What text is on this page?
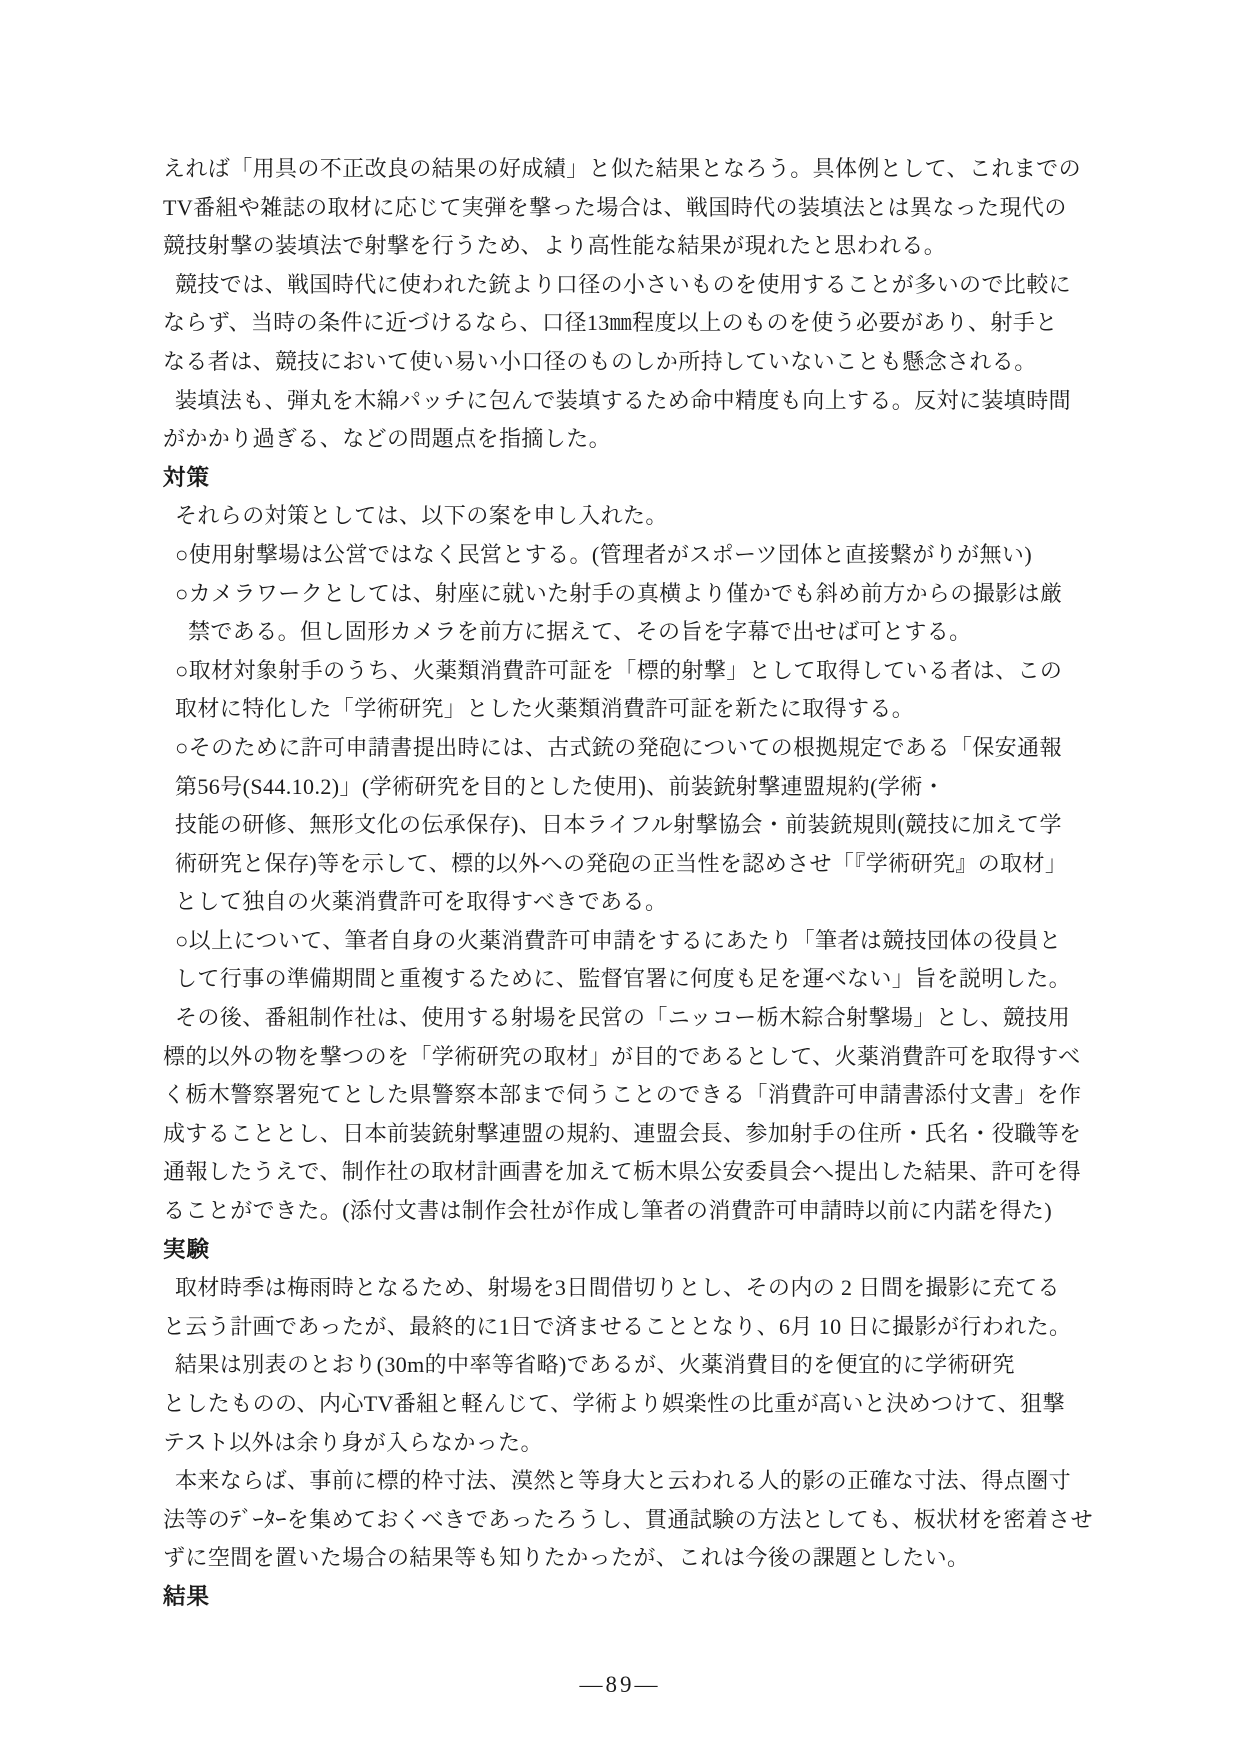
えれば「用具の不正改良の結果の好成績」と似た結果となろう。具体例として、これまでの
TV番組や雑誌の取材に応じて実弾を撃った場合は、戦国時代の装填法とは異なった現代の
競技射撃の装填法で射撃を行うため、より高性能な結果が現れたと思われる。
競技では、戦国時代に使われた銃より口径の小さいものを使用することが多いので比較に
ならず、当時の条件に近づけるなら、口径13㎜程度以上のものを使う必要があり、射手と
なる者は、競技において使い易い小口径のものしか所持していないことも懸念される。
装填法も、弾丸を木綿パッチに包んで装填するため命中精度も向上する。反対に装填時間
がかかり過ぎる、などの問題点を指摘した。
対策
それらの対策としては、以下の案を申し入れた。
○使用射撃場は公営ではなく民営とする。(管理者がスポーツ団体と直接繋がりが無い)
○カメラワークとしては、射座に就いた射手の真横より僅かでも斜め前方からの撮影は厳
禁である。但し固形カメラを前方に据えて、その旨を字幕で出せば可とする。
○取材対象射手のうち、火薬類消費許可証を「標的射撃」として取得している者は、この
取材に特化した「学術研究」とした火薬類消費許可証を新たに取得する。
○そのために許可申請書提出時には、古式銃の発砲についての根拠規定である「保安通報
第56号(S44.10.2)」(学術研究を目的とした使用)、前装銃射撃連盟規約(学術・
技能の研修、無形文化の伝承保存)、日本ライフル射撃協会・前装銃規則(競技に加えて学
術研究と保存)等を示して、標的以外への発砲の正当性を認めさせ「『学術研究』の取材」
として独自の火薬消費許可を取得すべきである。
○以上について、筆者自身の火薬消費許可申請をするにあたり「筆者は競技団体の役員と
して行事の準備期間と重複するために、監督官署に何度も足を運べない」旨を説明した。
その後、番組制作社は、使用する射場を民営の「ニッコー栃木綜合射撃場」とし、競技用
標的以外の物を撃つのを「学術研究の取材」が目的であるとして、火薬消費許可を取得すべ
く栃木警察署宛てとした県警察本部まで伺うことのできる「消費許可申請書添付文書」を作
成することとし、日本前装銃射撃連盟の規約、連盟会長、参加射手の住所・氏名・役職等を
通報したうえで、制作社の取材計画書を加えて栃木県公安委員会へ提出した結果、許可を得
ることができた。(添付文書は制作会社が作成し筆者の消費許可申請時以前に内諾を得た)
実験
取材時季は梅雨時となるため、射場を3日間借切りとし、その内の 2 日間を撮影に充てる
と云う計画であったが、最終的に1日で済ませることとなり、6月 10 日に撮影が行われた。
結果は別表のとおり(30m的中率等省略)であるが、火薬消費目的を便宜的に学術研究
としたものの、内心TV番組と軽んじて、学術より娯楽性の比重が高いと決めつけて、狙撃
テスト以外は余り身が入らなかった。
本来ならば、事前に標的枠寸法、漠然と等身大と云われる人的影の正確な寸法、得点圏寸
法等のﾃﾞｰﾀｰを集めておくべきであったろうし、貫通試験の方法としても、板状材を密着させ
ずに空間を置いた場合の結果等も知りたかったが、これは今後の課題としたい。
結果
―89―
